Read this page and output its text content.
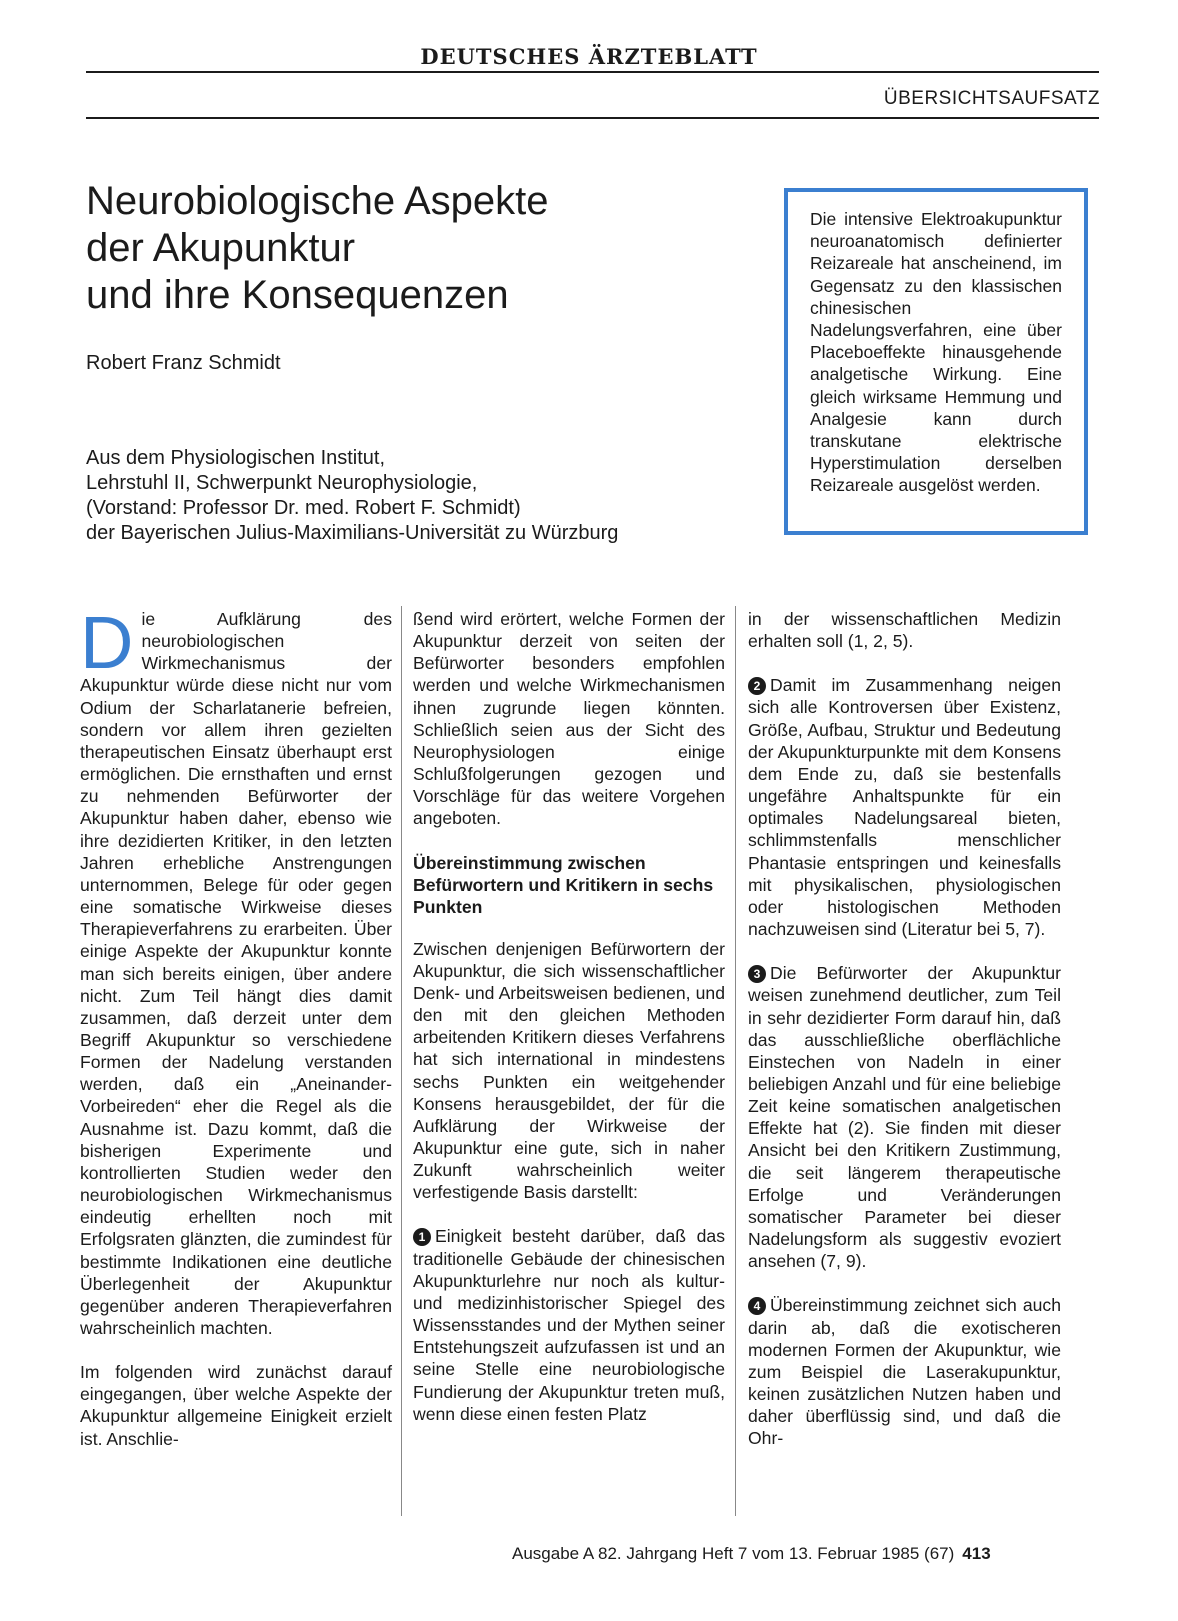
DEUTSCHES ÄRZTEBLATT
ÜBERSICHTSAUFSATZ
Neurobiologische Aspekte
der Akupunktur
und ihre Konsequenzen
Robert Franz Schmidt
Aus dem Physiologischen Institut,
Lehrstuhl II, Schwerpunkt Neurophysiologie,
(Vorstand: Professor Dr. med. Robert F. Schmidt)
der Bayerischen Julius-Maximilians-Universität zu Würzburg
Die intensive Elektroakupunktur neuroanatomisch definierter Reizareale hat anscheinend, im Gegensatz zu den klassischen chinesischen Nadelungsverfahren, eine über Placeboeffekte hinausgehende analgetische Wirkung. Eine gleich wirksame Hemmung und Analgesie kann durch transkutane elektrische Hyperstimulation derselben Reizareale ausgelöst werden.

Die Aufklärung des neurobiologischen Wirkmechanismus der Akupunktur würde diese nicht nur vom Odium der Scharlatanerie befreien, sondern vor allem ihren gezielten therapeutischen Einsatz überhaupt erst ermöglichen. Die ernsthaften und ernst zu nehmenden Befürworter der Akupunktur haben daher, ebenso wie ihre dezidierten Kritiker, in den letzten Jahren erhebliche Anstrengungen unternommen, Belege für oder gegen eine somatische Wirkweise dieses Therapieverfahrens zu erarbeiten. Über einige Aspekte der Akupunktur konnte man sich bereits einigen, über andere nicht. Zum Teil hängt dies damit zusammen, daß derzeit unter dem Begriff Akupunktur so verschiedene Formen der Nadelung verstanden werden, daß ein „Aneinander-Vorbeireden“ eher die Regel als die Ausnahme ist. Dazu kommt, daß die bisherigen Experimente und kontrollierten Studien weder den neurobiologischen Wirkmechanismus eindeutig erhellten noch mit Erfolgsraten glänzten, die zumindest für bestimmte Indikationen eine deutliche Überlegenheit der Akupunktur gegenüber anderen Therapieverfahren wahrscheinlich machten.

Im folgenden wird zunächst darauf eingegangen, über welche Aspekte der Akupunktur allgemeine Einigkeit erzielt ist. Anschlie-

ßend wird erörtert, welche Formen der Akupunktur derzeit von seiten der Befürworter besonders empfohlen werden und welche Wirkmechanismen ihnen zugrunde liegen könnten. Schließlich seien aus der Sicht des Neurophysiologen einige Schlußfolgerungen gezogen und Vorschläge für das weitere Vorgehen angeboten.

Übereinstimmung zwischen Befürwortern und Kritikern in sechs Punkten

Zwischen denjenigen Befürwortern der Akupunktur, die sich wissenschaftlicher Denk- und Arbeitsweisen bedienen, und den mit den gleichen Methoden arbeitenden Kritikern dieses Verfahrens hat sich international in mindestens sechs Punkten ein weitgehender Konsens herausgebildet, der für die Aufklärung der Wirkweise der Akupunktur eine gute, sich in naher Zukunft wahrscheinlich weiter verfestigende Basis darstellt:

1 Einigkeit besteht darüber, daß das traditionelle Gebäude der chinesischen Akupunkturlehre nur noch als kultur- und medizinhistorischer Spiegel des Wissensstandes und der Mythen seiner Entstehungszeit aufzufassen ist und an seine Stelle eine neurobiologische Fundierung der Akupunktur treten muß, wenn diese einen festen Platz

in der wissenschaftlichen Medizin erhalten soll (1, 2, 5).

2 Damit im Zusammenhang neigen sich alle Kontroversen über Existenz, Größe, Aufbau, Struktur und Bedeutung der Akupunkturpunkte mit dem Konsens dem Ende zu, daß sie bestenfalls ungefähre Anhaltspunkte für ein optimales Nadelungsareal bieten, schlimmstenfalls menschlicher Phantasie entspringen und keinesfalls mit physikalischen, physiologischen oder histologischen Methoden nachzuweisen sind (Literatur bei 5, 7).

3 Die Befürworter der Akupunktur weisen zunehmend deutlicher, zum Teil in sehr dezidierter Form darauf hin, daß das ausschließliche oberflächliche Einstechen von Nadeln in einer beliebigen Anzahl und für eine beliebige Zeit keine somatischen analgetischen Effekte hat (2). Sie finden mit dieser Ansicht bei den Kritikern Zustimmung, die seit längerem therapeutische Erfolge und Veränderungen somatischer Parameter bei dieser Nadelungsform als suggestiv evoziert ansehen (7, 9).

4 Übereinstimmung zeichnet sich auch darin ab, daß die exotischeren modernen Formen der Akupunktur, wie zum Beispiel die Laserakupunktur, keinen zusätzlichen Nutzen haben und daher überflüssig sind, und daß die Ohr-

Ausgabe A 82. Jahrgang Heft 7 vom 13. Februar 1985 (67) 413
